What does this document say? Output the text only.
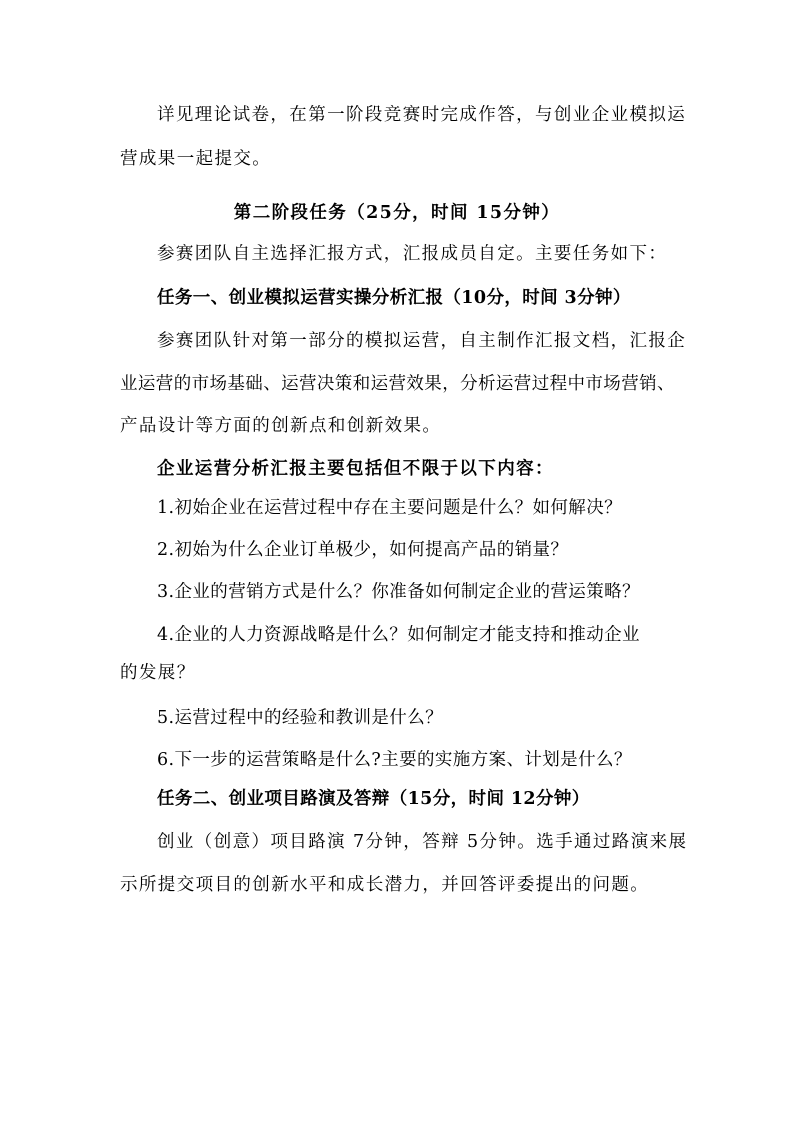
详见理论试卷，在第一阶段竞赛时完成作答，与创业企业模拟运
营成果一起提交。
第二阶段任务（25分，时间 15分钟）
参赛团队自主选择汇报方式，汇报成员自定。主要任务如下：
任务一、创业模拟运营实操分析汇报（10分，时间 3分钟）
参赛团队针对第一部分的模拟运营，自主制作汇报文档，汇报企
业运营的市场基础、运营决策和运营效果，分析运营过程中市场营销、
产品设计等方面的创新点和创新效果。
企业运营分析汇报主要包括但不限于以下内容：
1.初始企业在运营过程中存在主要问题是什么？如何解决？
2.初始为什么企业订单极少，如何提高产品的销量？
3.企业的营销方式是什么？你准备如何制定企业的营运策略？
4.企业的人力资源战略是什么？如何制定才能支持和推动企业
的发展？
5.运营过程中的经验和教训是什么？
6.下一步的运营策略是什么?主要的实施方案、计划是什么？
任务二、创业项目路演及答辩（15分，时间 12分钟）
创业（创意）项目路演 7分钟，答辩 5分钟。选手通过路演来展
示所提交项目的创新水平和成长潜力，并回答评委提出的问题。
